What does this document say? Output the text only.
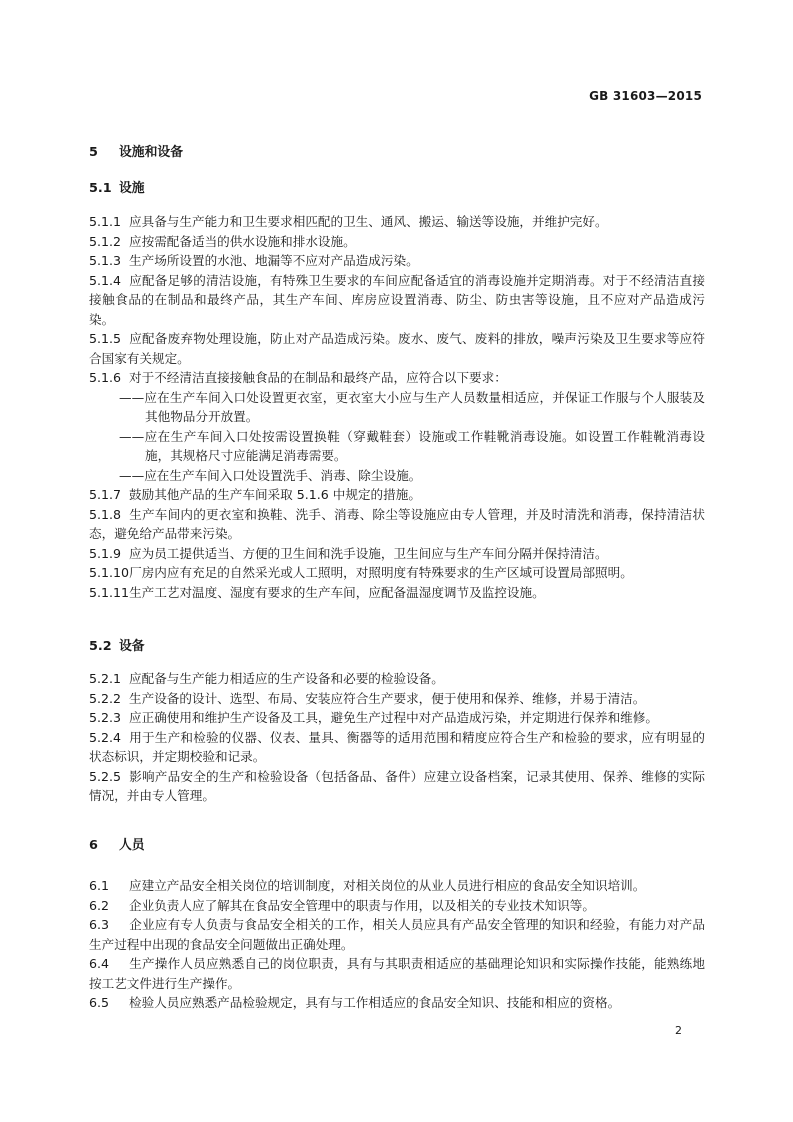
GB 31603—2015
5 设施和设备
5.1 设施
5.1.1 应具备与生产能力和卫生要求相匹配的卫生、通风、搬运、输送等设施，并维护完好。
5.1.2 应按需配备适当的供水设施和排水设施。
5.1.3 生产场所设置的水池、地漏等不应对产品造成污染。
5.1.4 应配备足够的清洁设施，有特殊卫生要求的车间应配备适宜的消毒设施并定期消毒。对于不经清洁直接接触食品的在制品和最终产品，其生产车间、库房应设置消毒、防尘、防虫害等设施，且不应对产品造成污染。
5.1.5 应配备废弃物处理设施，防止对产品造成污染。废水、废气、废料的排放，噪声污染及卫生要求等应符合国家有关规定。
5.1.6 对于不经清洁直接接触食品的在制品和最终产品，应符合以下要求：
——应在生产车间入口处设置更衣室，更衣室大小应与生产人员数量相适应，并保证工作服与个人服装及其他物品分开放置。
——应在生产车间入口处按需设置换鞋（穿戴鞋套）设施或工作鞋靴消毒设施。如设置工作鞋靴消毒设施，其规格尺寸应能满足消毒需要。
——应在生产车间入口处设置洗手、消毒、除尘设施。
5.1.7 鼓励其他产品的生产车间采取 5.1.6 中规定的措施。
5.1.8 生产车间内的更衣室和换鞋、洗手、消毒、除尘等设施应由专人管理，并及时清洗和消毒，保持清洁状态，避免给产品带来污染。
5.1.9 应为员工提供适当、方便的卫生间和洗手设施，卫生间应与生产车间分隔并保持清洁。
5.1.10厂房内应有充足的自然采光或人工照明，对照明度有特殊要求的生产区域可设置局部照明。
5.1.11生产工艺对温度、湿度有要求的生产车间，应配备温湿度调节及监控设施。
5.2 设备
5.2.1 应配备与生产能力相适应的生产设备和必要的检验设备。
5.2.2 生产设备的设计、选型、布局、安装应符合生产要求，便于使用和保养、维修，并易于清洁。
5.2.3 应正确使用和维护生产设备及工具，避免生产过程中对产品造成污染，并定期进行保养和维修。
5.2.4 用于生产和检验的仪器、仪表、量具、衡器等的适用范围和精度应符合生产和检验的要求，应有明显的状态标识，并定期校验和记录。
5.2.5 影响产品安全的生产和检验设备（包括备品、备件）应建立设备档案，记录其使用、保养、维修的实际情况，并由专人管理。
6 人员
6.1 应建立产品安全相关岗位的培训制度，对相关岗位的从业人员进行相应的食品安全知识培训。
6.2 企业负责人应了解其在食品安全管理中的职责与作用，以及相关的专业技术知识等。
6.3 企业应有专人负责与食品安全相关的工作，相关人员应具有产品安全管理的知识和经验，有能力对产品生产过程中出现的食品安全问题做出正确处理。
6.4 生产操作人员应熟悉自己的岗位职责，具有与其职责相适应的基础理论知识和实际操作技能，能熟练地按工艺文件进行生产操作。
6.5 检验人员应熟悉产品检验规定，具有与工作相适应的食品安全知识、技能和相应的资格。
2
